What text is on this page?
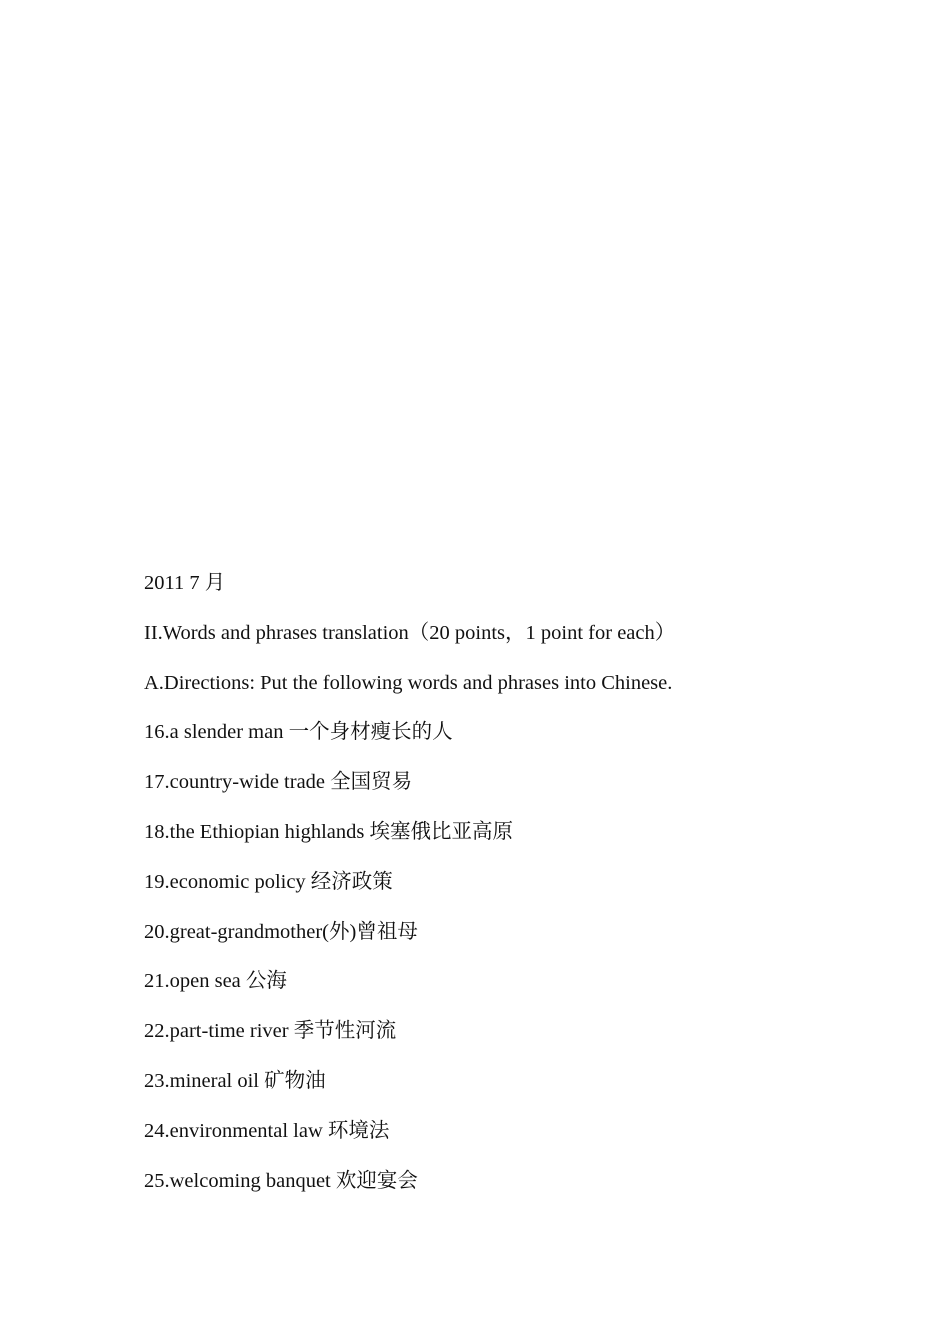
2011 7 月
II.Words and phrases translation（20 points，1 point for each）
A.Directions: Put the following words and phrases into Chinese.
16.a slender man 一个身材瘦长的人
17.country-wide trade 全国贸易
18.the Ethiopian highlands 埃塞俄比亚高原
19.economic policy 经济政策
20.great-grandmother(外)曾祖母
21.open sea 公海
22.part-time river 季节性河流
23.mineral oil 矿物油
24.environmental law 环境法
25.welcoming banquet 欢迎宴会
